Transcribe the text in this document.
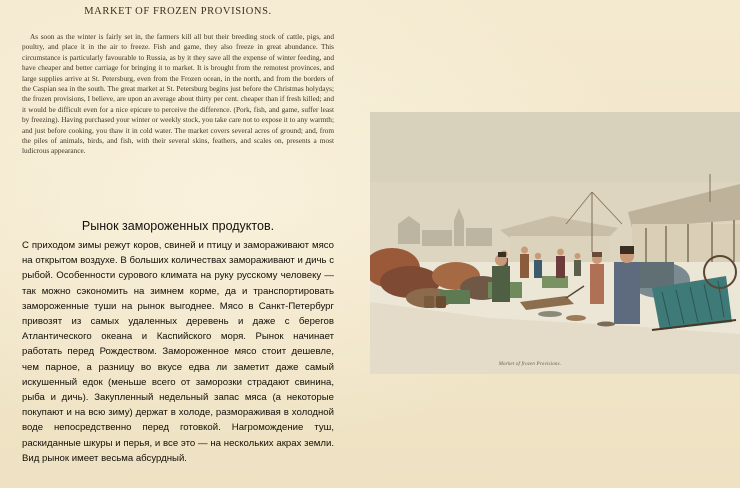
MARKET OF FROZEN PROVISIONS.

As soon as the winter is fairly set in, the farmers kill all but their breeding stock of cattle, pigs, and poultry, and place it in the air to freeze. Fish and game, they also freeze in great abundance. This circumstance is particularly favourable to Russia, as by it they save all the expense of winter feeding, and have cheaper and better carriage for bringing it to market. It is brought from the remotest provinces, and large supplies arrive at St. Petersburg, even from the Frozen ocean, in the north, and from the borders of the Caspian sea in the south. The great market at St. Petersburg begins just before the Christmas holydays; the frozen provisions, I believe, are upon an average about thirty per cent. cheaper than if fresh killed; and it would be difficult even for a nice epicure to perceive the difference. (Pork, fish, and game, suffer least by freezing). Having purchased your winter or weekly stock, you take care not to expose it to any warmth; and just before cooking, you thaw it in cold water. The market covers several acres of ground; and, from the piles of animals, birds, and fish, with their several skins, feathers, and scales on, presents a most ludicrous appearance.

Рынок замороженных продуктов.

С приходом зимы режут коров, свиней и птицу и замораживают мясо на открытом воздухе. В больших количествах замораживают и дичь с рыбой. Особенности сурового климата на руку русскому человеку — так можно сэкономить на зимнем корме, да и транспортировать замороженные туши на рынок выгоднее. Мясо в Санкт-Петербург привозят из самых удаленных деревень и даже с берегов Атлантического океана и Каспийского моря. Рынок начинает работать перед Рождеством. Замороженное мясо стоит дешевле, чем парное, а разницу во вкусе едва ли заметит даже самый искушенный едок (меньше всего от заморозки страдают свинина, рыба и дичь). Закупленный недельный запас мяса (а некоторые покупают и на всю зиму) держат в холоде, размораживая в холодной воде непосредственно перед готовкой. Нагромождение туш, раскиданные шкуры и перья, и все это — на нескольких акрах земли. Вид рынок имеет весьма абсурдный.

Market of frozen Provisions.
